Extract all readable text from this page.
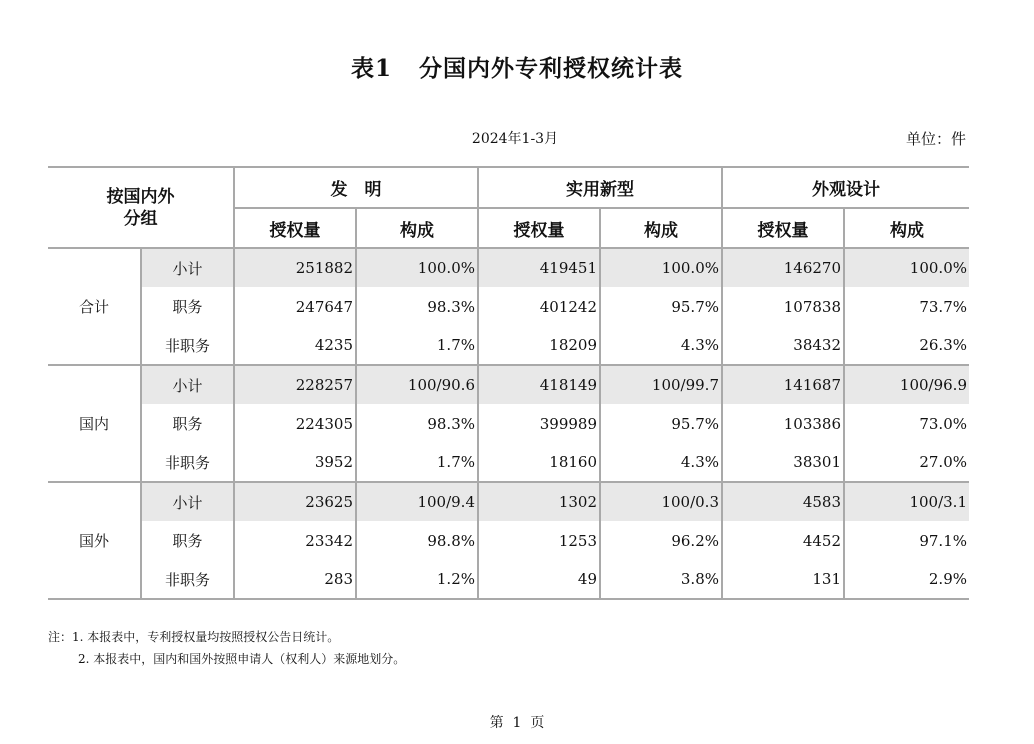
表1   分国内外专利授权统计表
2024年1-3月	单位：件
按国内外
分组		发　明		实用新型		外观设计	
		授权量	构成	授权量	构成	授权量	构成
合计	小计	251882	100.0%	419451	100.0%	146270	100.0%
	职务	247647	98.3%	401242	95.7%	107838	73.7%
	非职务	4235	1.7%	18209	4.3%	38432	26.3%
国内	小计	228257	100/90.6	418149	100/99.7	141687	100/96.9
	职务	224305	98.3%	399989	95.7%	103386	73.0%
	非职务	3952	1.7%	18160	4.3%	38301	27.0%
国外	小计	23625	100/9.4	1302	100/0.3	4583	100/3.1
	职务	23342	98.8%	1253	96.2%	4452	97.1%
	非职务	283	1.2%	49	3.8%	131	2.9%
注：1. 本报表中，专利授权量均按照授权公告日统计。
2. 本报表中，国内和国外按照申请人（权利人）来源地划分。
第  1  页
